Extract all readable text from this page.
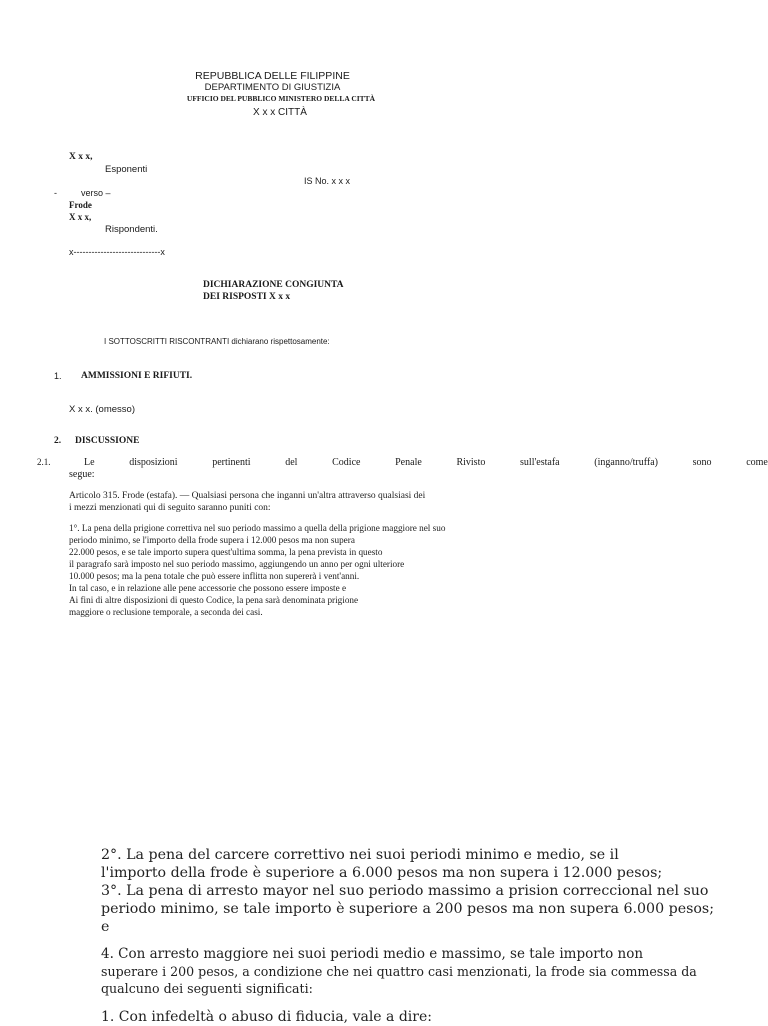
REPUBBLICA DELLE FILIPPINE
DEPARTIMENTO DI GIUSTIZIA
UFFICIO DEL PUBBLICO MINISTERO DELLA CITTÀ
X x x CITTÀ
X x x,
Esponenti
IS No. x x x
-	verso –
Frode
X x x,
Rispondenti.
x-----------------------------x
DICHIARAZIONE CONGIUNTA
DEI RISPOSTI X x x
I SOTTOSCRITTI RISCONTRANTI dichiarano rispettosamente:
1. AMMISSIONI E RIFIUTI.
X x x. (omesso)
2. DISCUSSIONE
2.1.	Le	disposizioni	pertinenti	del	Codice	Penale	Rivisto	sull'estafa	(inganno/truffa)	sono	come
segue:
Articolo 315. Frode (estafa). — Qualsiasi persona che inganni un'altra attraverso qualsiasi dei
i mezzi menzionati qui di seguito saranno puniti con:
1°. La pena della prigione correttiva nel suo periodo massimo a quella della prigione maggiore nel suo
periodo minimo, se l'importo della frode supera i 12.000 pesos ma non supera
22.000 pesos, e se tale importo supera quest'ultima somma, la pena prevista in questo
il paragrafo sarà imposto nel suo periodo massimo, aggiungendo un anno per ogni ulteriore
10.000 pesos; ma la pena totale che può essere inflitta non supererà i vent'anni.
In tal caso, e in relazione alle pene accessorie che possono essere imposte e
Ai fini di altre disposizioni di questo Codice, la pena sarà denominata prigione
maggiore o reclusione temporale, a seconda dei casi.
2°. La pena del carcere correttivo nei suoi periodi minimo e medio, se il
l'importo della frode è superiore a 6.000 pesos ma non supera i 12.000 pesos;
3°. La pena di arresto mayor nel suo periodo massimo a prision correccional nel suo
periodo minimo, se tale importo è superiore a 200 pesos ma non supera 6.000 pesos;
e
4. Con arresto maggiore nei suoi periodi medio e massimo, se tale importo non
superare i 200 pesos, a condizione che nei quattro casi menzionati, la frode sia commessa da
qualcuno dei seguenti significati:
1. Con infedeltà o abuso di fiducia, vale a dire:
